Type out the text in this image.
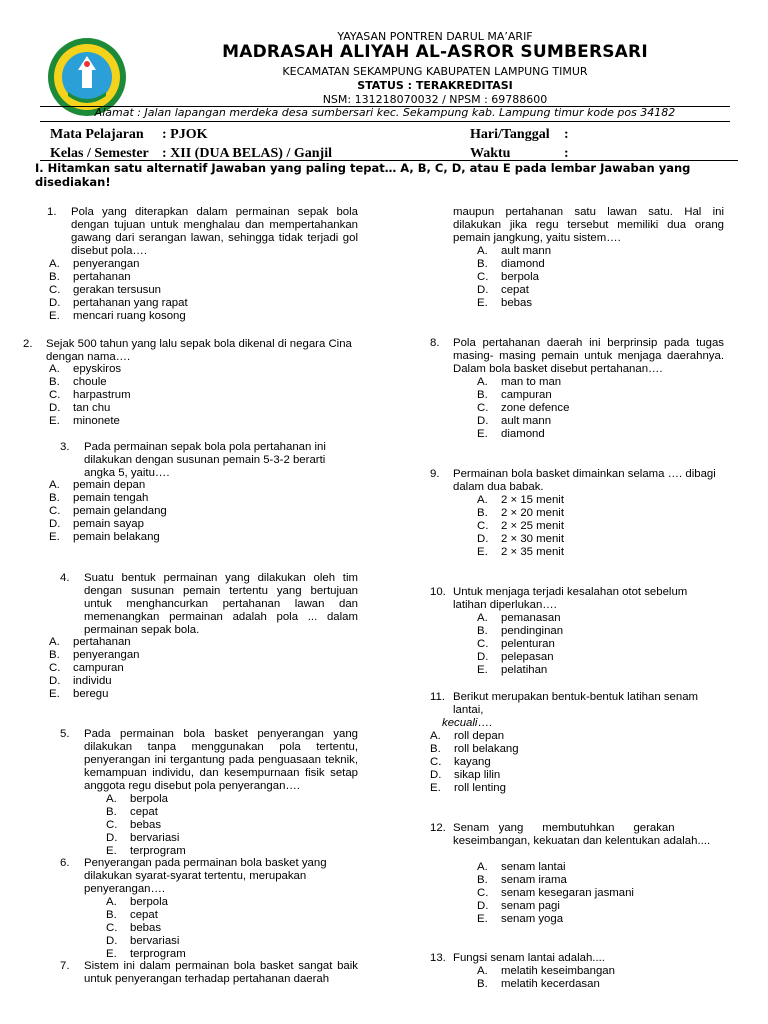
YAYASAN PONTREN DARUL MA’ARIF
MADRASAH ALIYAH AL-ASROR SUMBERSARI
KECAMATAN SEKAMPUNG KABUPATEN LAMPUNG TIMUR
STATUS : TERAKREDITASI
NSM: 131218070032 / NPSM : 69788600
Alamat : Jalan lapangan merdeka desa sumbersari kec. Sekampung kab. Lampung timur kode pos 34182
Mata Pelajaran : PJOK	Hari/Tanggal :
Kelas / Semester : XII (DUA BELAS) / Ganjil	Waktu	:
I. Hitamkan satu alternatif Jawaban yang paling tepat… A, B, C, D, atau E pada lembar Jawaban yang disediakan!
1. Pola yang diterapkan dalam permainan sepak bola dengan tujuan untuk menghalau dan mempertahankan gawang dari serangan lawan, sehingga tidak terjadi gol disebut pola….
A. penyerangan
B. pertahanan
C. gerakan tersusun
D. pertahanan yang rapat
E. mencari ruang kosong
2. Sejak 500 tahun yang lalu sepak bola dikenal di negara Cina dengan nama….
A. epyskiros
B. choule
C. harpastrum
D. tan chu
E. minonete
3. Pada permainan sepak bola pola pertahanan ini dilakukan dengan susunan pemain 5-3-2 berarti angka 5, yaitu….
A. pemain depan
B. pemain tengah
C. pemain gelandang
D. pemain sayap
E. pemain belakang
4. Suatu bentuk permainan yang dilakukan oleh tim dengan susunan pemain tertentu yang bertujuan untuk menghancurkan pertahanan lawan dan memenangkan permainan adalah pola ... dalam permainan sepak bola.
A. pertahanan
B. penyerangan
C. campuran
D. individu
E. beregu
5. Pada permainan bola basket penyerangan yang dilakukan tanpa menggunakan pola tertentu, penyerangan ini tergantung pada penguasaan teknik, kemampuan individu, dan kesempurnaan fisik setap anggota regu disebut pola penyerangan….
A. berpola
B. cepat
C. bebas
D. bervariasi
E. terprogram
6. Penyerangan pada permainan bola basket yang dilakukan syarat-syarat tertentu, merupakan penyerangan….
A. berpola
B. cepat
C. bebas
D. bervariasi
E. terprogram
7. Sistem ini dalam permainan bola basket sangat baik untuk penyerangan terhadap pertahanan daerah
maupun pertahanan satu lawan satu. Hal ini dilakukan jika regu tersebut memiliki dua orang pemain jangkung, yaitu sistem….
A. ault mann
B. diamond
C. berpola
D. cepat
E. bebas
8. Pola pertahanan daerah ini berprinsip pada tugas masing- masing pemain untuk menjaga daerahnya. Dalam bola basket disebut pertahanan….
A. man to man
B. campuran
C. zone defence
D. ault mann
E. diamond
9. Permainan bola basket dimainkan selama …. dibagi dalam dua babak.
A. 2 × 15 menit
B. 2 × 20 menit
C. 2 × 25 menit
D. 2 × 30 menit
E. 2 × 35 menit
10. Untuk menjaga terjadi kesalahan otot sebelum latihan diperlukan….
A. pemanasan
B. pendinginan
C. pelenturan
D. pelepasan
E. pelatihan
11. Berikut merupakan bentuk-bentuk latihan senam lantai,
kecuali….
A. roll depan
B. roll belakang
C. kayang
D. sikap lilin
E. roll lenting
12. Senam   yang      membutuhkan      gerakan keseimbangan, kekuatan dan kelentukan adalah....
A. senam lantai
B. senam irama
C. senam kesegaran jasmani
D. senam pagi
E. senam yoga
13. Fungsi senam lantai adalah....
A. melatih keseimbangan
B. melatih kecerdasan
